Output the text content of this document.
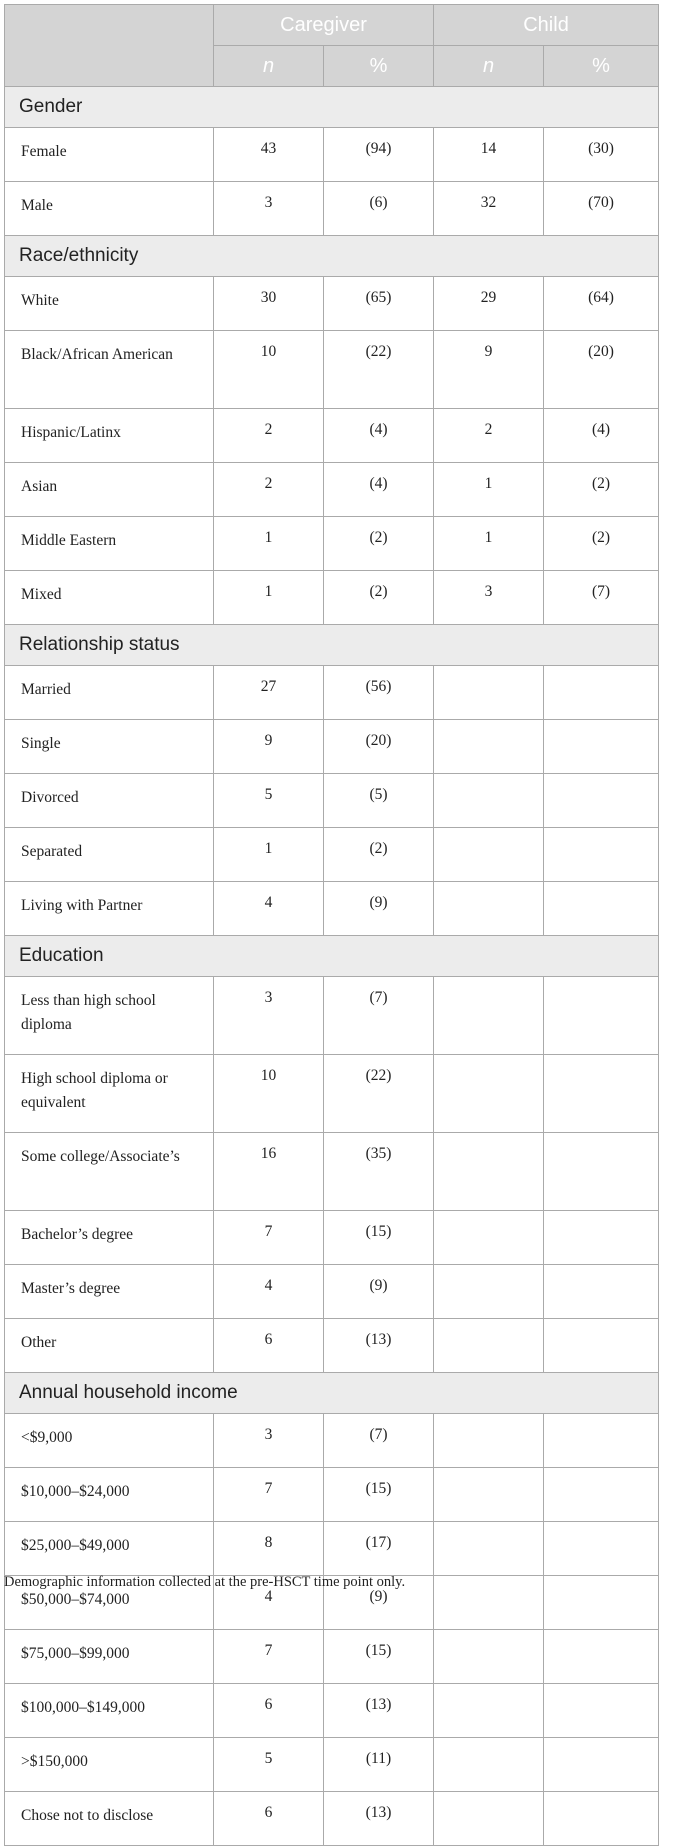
	Caregiver		Child	
	n	%	n	%
Gender				
Female	43	(94)	14	(30)
Male	3	(6)	32	(70)
Race/ethnicity				
White	30	(65)	29	(64)
Black/African American	10	(22)	9	(20)
Hispanic/Latinx	2	(4)	2	(4)
Asian	2	(4)	1	(2)
Middle Eastern	1	(2)	1	(2)
Mixed	1	(2)	3	(7)
Relationship status				
Married	27	(56)		
Single	9	(20)		
Divorced	5	(5)		
Separated	1	(2)		
Living with Partner	4	(9)		
Education				
Less than high school diploma	3	(7)		
High school diploma or equivalent	10	(22)		
Some college/Associate’s	16	(35)		
Bachelor’s degree	7	(15)		
Master’s degree	4	(9)		
Other	6	(13)		
Annual household income				
<$9,000	3	(7)		
$10,000–$24,000	7	(15)		
$25,000–$49,000	8	(17)		
$50,000–$74,000	4	(9)		
$75,000–$99,000	7	(15)		
$100,000–$149,000	6	(13)		
>$150,000	5	(11)		
Chose not to disclose	6	(13)		
Demographic information collected at the pre-HSCT time point only.
